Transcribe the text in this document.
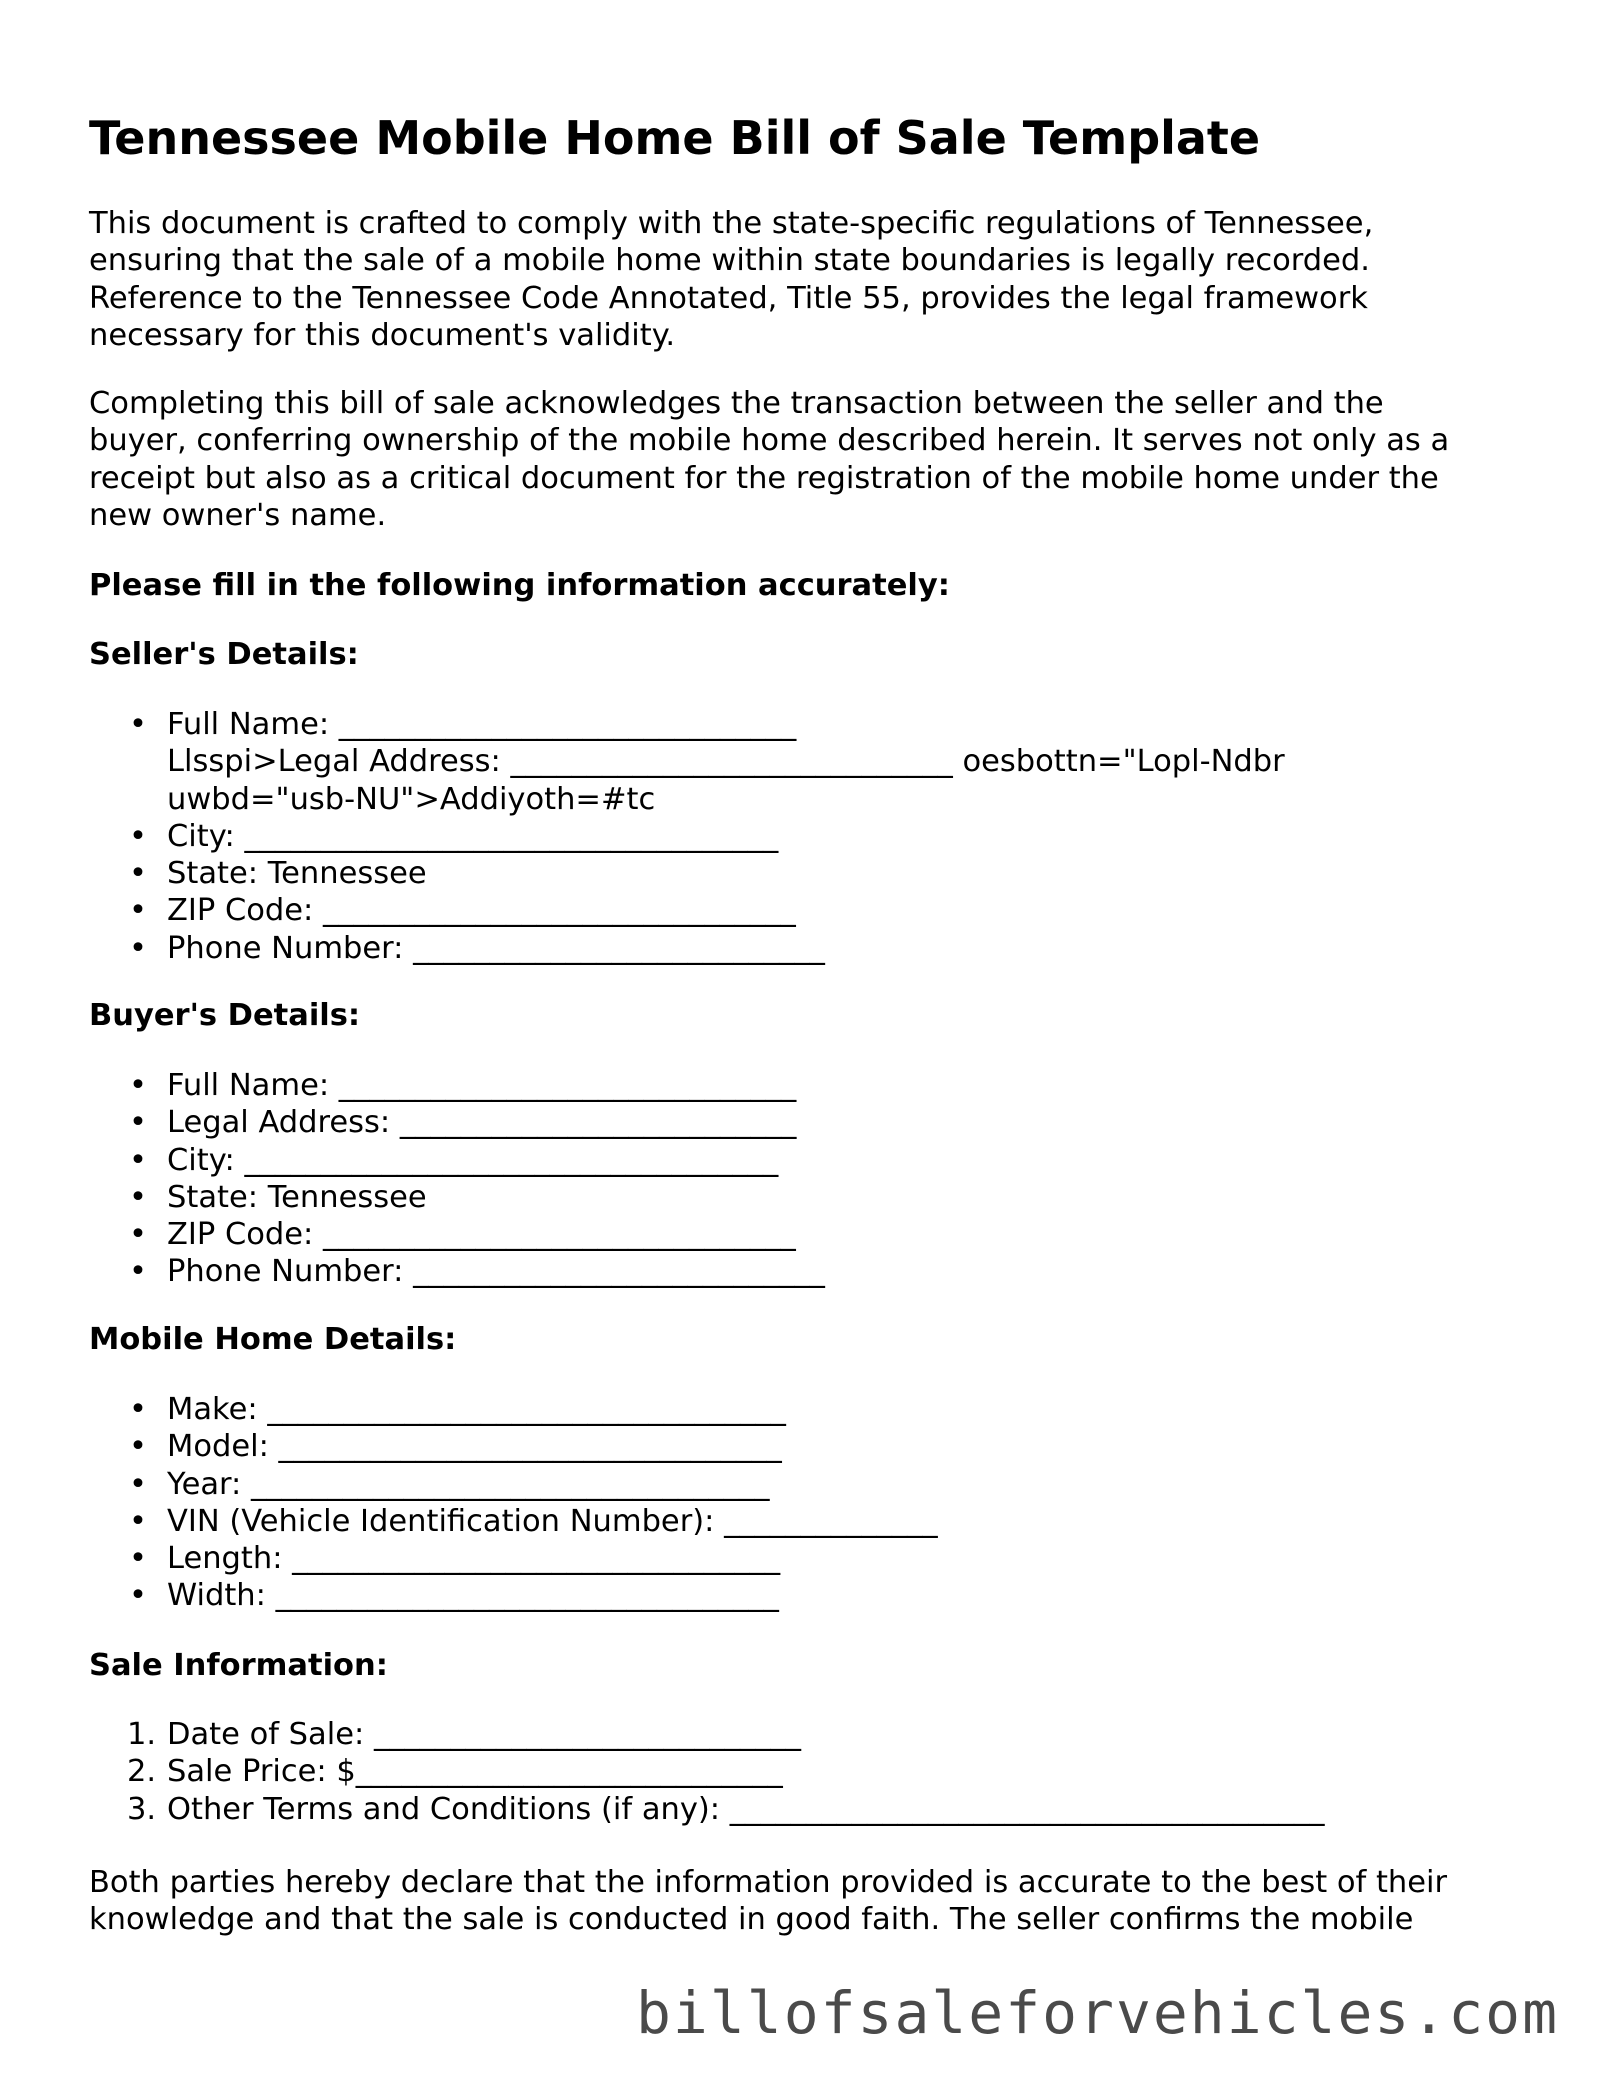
Tennessee Mobile Home Bill of Sale Template

This document is crafted to comply with the state-specific regulations of Tennessee,
ensuring that the sale of a mobile home within state boundaries is legally recorded.
Reference to the Tennessee Code Annotated, Title 55, provides the legal framework
necessary for this document's validity.

Completing this bill of sale acknowledges the transaction between the seller and the
buyer, conferring ownership of the mobile home described herein. It serves not only as a
receipt but also as a critical document for the registration of the mobile home under the
new owner's name.

Please fill in the following information accurately:

Seller's Details:

• Full Name: ______________________________
Llsspi>Legal Address: _____________________________ oesbottn="Lopl-Ndbr
uwbd="usb-NU">Addiyoth=#tc
• City: ___________________________________
• State: Tennessee
• ZIP Code: _______________________________
• Phone Number: ___________________________

Buyer's Details:

• Full Name: ______________________________
• Legal Address: __________________________
• City: ___________________________________
• State: Tennessee
• ZIP Code: _______________________________
• Phone Number: ___________________________

Mobile Home Details:

• Make: __________________________________
• Model: _________________________________
• Year: __________________________________
• VIN (Vehicle Identification Number): ______________
• Length: ________________________________
• Width: _________________________________

Sale Information:

1. Date of Sale: ____________________________
2. Sale Price: $____________________________
3. Other Terms and Conditions (if any): _______________________________________

Both parties hereby declare that the information provided is accurate to the best of their
knowledge and that the sale is conducted in good faith. The seller confirms the mobile

billofsaleforvehicles.com
